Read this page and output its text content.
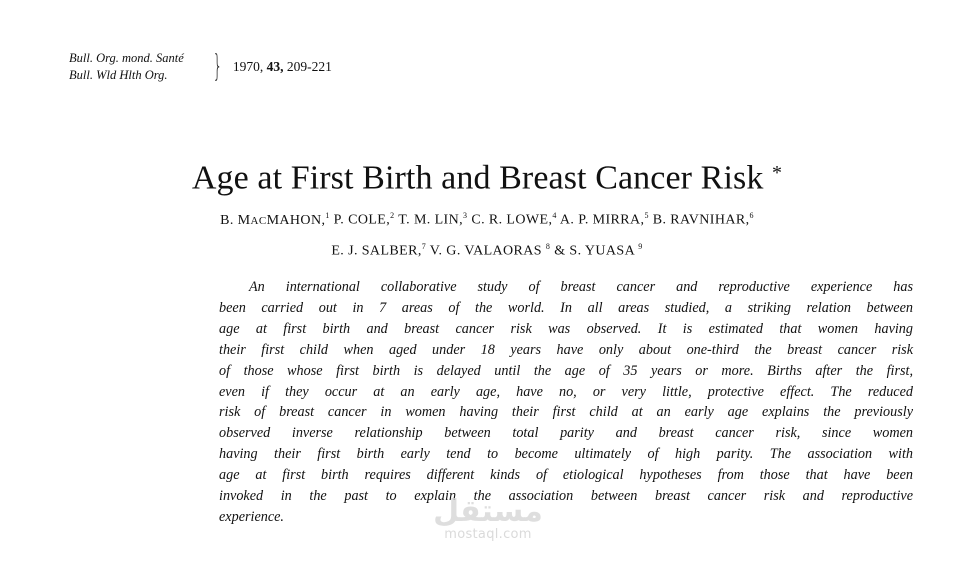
Bull. Org. mond. Santé
Bull. Wld Hlth Org.	} 1970, 43, 209-221
Age at First Birth and Breast Cancer Risk *
B. MACMAHON,$^1$ P. COLE,$^2$ T. M. LIN,$^3$ C. R. LOWE,$^4$ A. P. MIRRA,$^5$ B. RAVNIHAR,$^6$
E. J. SALBER,$^7$ V. G. VALAORAS $^8$ & S. YUASA $^9$
An international collaborative study of breast cancer and reproductive experience has
been carried out in 7 areas of the world. In all areas studied, a striking relation between
age at first birth and breast cancer risk was observed. It is estimated that women having
their first child when aged under 18 years have only about one-third the breast cancer risk
of those whose first birth is delayed until the age of 35 years or more. Births after the first,
even if they occur at an early age, have no, or very little, protective effect. The reduced
risk of breast cancer in women having their first child at an early age explains the previously
observed inverse relationship between total parity and breast cancer risk, since women
having their first birth early tend to become ultimately of high parity. The association with
age at first birth requires different kinds of etiological hypotheses from those that have been
invoked in the past to explain the association between breast cancer risk and reproductive
experience.	مستقل
mostaql.com
